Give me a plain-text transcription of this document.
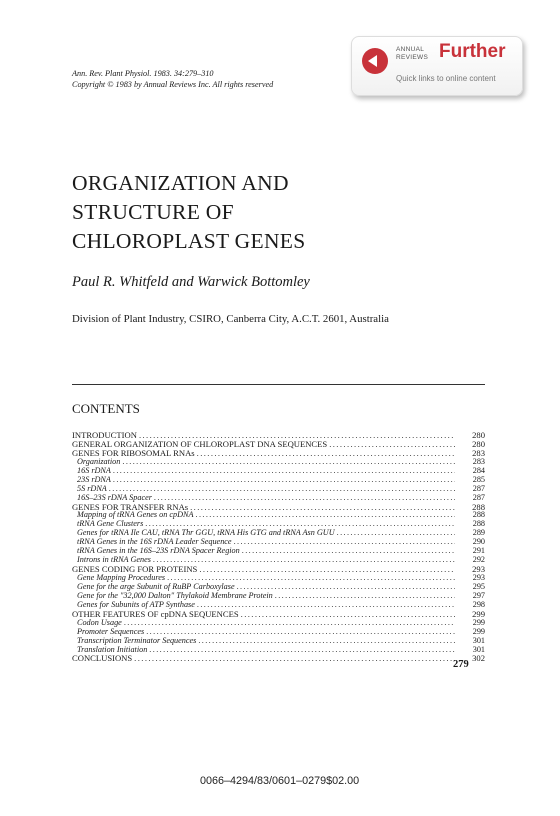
Ann. Rev. Plant Physiol. 1983. 34:279–310
Copyright © 1983 by Annual Reviews Inc. All rights reserved
ANNUAL
REVIEWS Further
Quick links to online content
ORGANIZATION AND
STRUCTURE OF
CHLOROPLAST GENES
Paul R. Whitfeld and Warwick Bottomley
Division of Plant Industry, CSIRO, Canberra City, A.C.T. 2601, Australia
CONTENTS
INTRODUCTION .....	280
GENERAL ORGANIZATION OF CHLOROPLAST DNA SEQUENCES .....	280
GENES FOR RIBOSOMAL RNAs .....	283
Organization .....	283
16S rDNA .....	284
23S rDNA .....	285
5S rDNA .....	287
16S–23S rDNA Spacer .....	287
GENES FOR TRANSFER RNAs .....	288
Mapping of tRNA Genes on cpDNA .....	288
tRNA Gene Clusters .....	288
Genes for tRNA Ile CAU, tRNA Thr GGU, tRNA His GTG and tRNA Asn GUU .....	289
tRNA Genes in the 16S rDNA Leader Sequence .....	290
tRNA Genes in the 16S–23S rDNA Spacer Region .....	291
Introns in tRNA Genes .....	292
GENES CODING FOR PROTEINS .....	293
Gene Mapping Procedures .....	293
Gene for the arge Subunit of RuBP Carboxylase .....	295
Gene for the "32,000 Dalton" Thylakoid Membrane Protein .....	297
Genes for Subunits of ATP Synthase .....	298
OTHER FEATURES OF cpDNA SEQUENCES .....	299
Codon Usage .....	299
Promoter Sequences .....	299
Transcription Terminator Sequences .....	301
Translation Initiation .....	301
CONCLUSIONS .....	302
279
0066–4294/83/0601–0279$02.00
